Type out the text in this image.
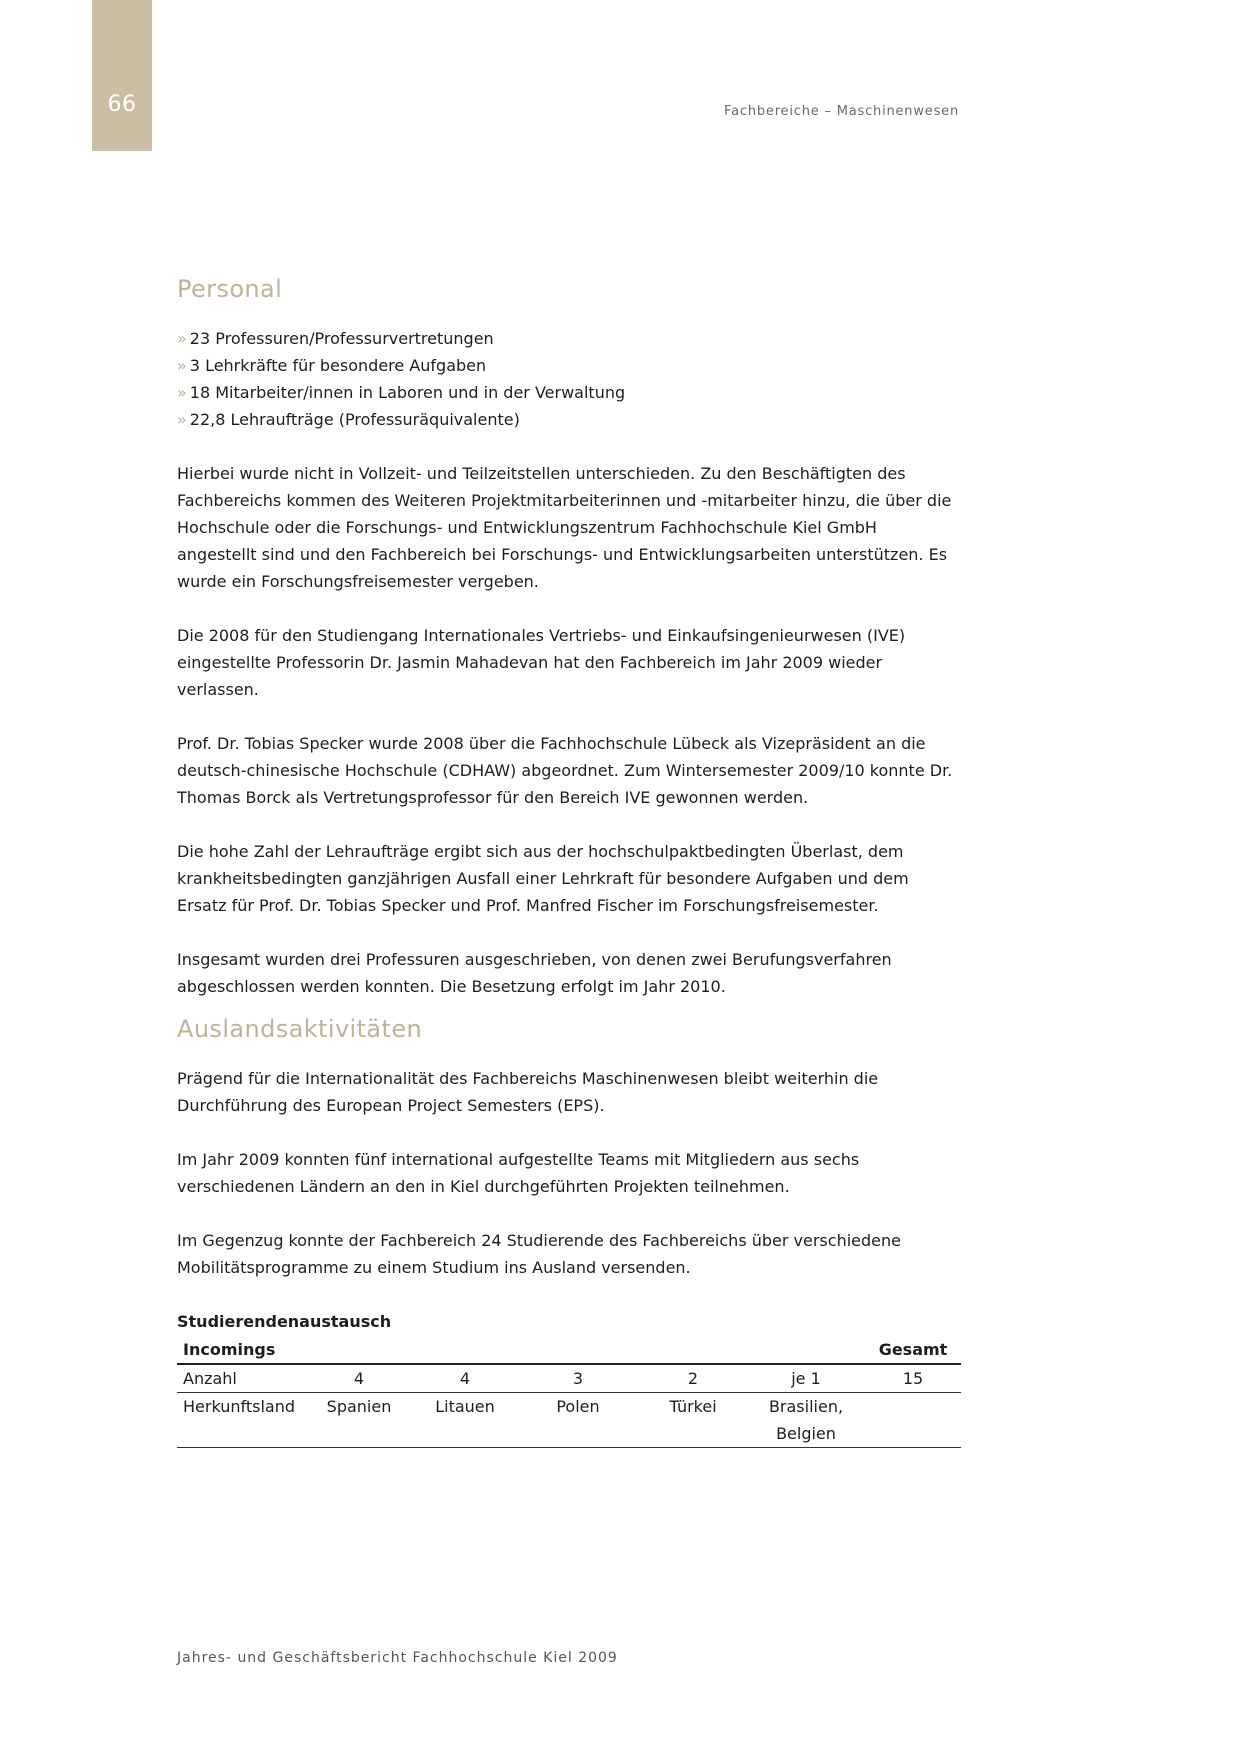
66	Fachbereiche – Maschinenwesen
Personal
» 23 Professuren/Professurvertretungen
» 3 Lehrkräfte für besondere Aufgaben
» 18 Mitarbeiter/innen in Laboren und in der Verwaltung
» 22,8 Lehraufträge (Professuräquivalente)

Hierbei wurde nicht in Vollzeit- und Teilzeitstellen unterschieden. Zu den Beschäftigten des Fachbereichs kommen des Weiteren Projektmitarbeiterinnen und -mitarbeiter hinzu, die über die Hochschule oder die Forschungs- und Entwicklungszentrum Fachhochschule Kiel GmbH angestellt sind und den Fachbereich bei Forschungs- und Entwicklungsarbeiten unterstützen. Es wurde ein Forschungsfreisemester vergeben.

Die 2008 für den Studiengang Internationales Vertriebs- und Einkaufsingenieurwesen (IVE) eingestellte Professorin Dr. Jasmin Mahadevan hat den Fachbereich im Jahr 2009 wieder verlassen.

Prof. Dr. Tobias Specker wurde 2008 über die Fachhochschule Lübeck als Vizepräsident an die deutsch-chinesische Hochschule (CDHAW) abgeordnet. Zum Wintersemester 2009/10 konnte Dr. Thomas Borck als Vertretungsprofessor für den Bereich IVE gewonnen werden.

Die hohe Zahl der Lehraufträge ergibt sich aus der hochschulpaktbedingten Überlast, dem krankheitsbedingten ganzjährigen Ausfall einer Lehrkraft für besondere Aufgaben und dem Ersatz für Prof. Dr. Tobias Specker und Prof. Manfred Fischer im Forschungsfreisemester.

Insgesamt wurden drei Professuren ausgeschrieben, von denen zwei Berufungsverfahren abgeschlossen werden konnten. Die Besetzung erfolgt im Jahr 2010.

Auslandsaktivitäten

Prägend für die Internationalität des Fachbereichs Maschinenwesen bleibt weiterhin die Durchführung des European Project Semesters (EPS).

Im Jahr 2009 konnten fünf international aufgestellte Teams mit Mitgliedern aus sechs verschiedenen Ländern an den in Kiel durchgeführten Projekten teilnehmen.

Im Gegenzug konnte der Fachbereich 24 Studierende des Fachbereichs über verschiedene Mobilitätsprogramme zu einem Studium ins Ausland versenden.

Studierendenaustausch
Incomings						Gesamt
Anzahl	4	4	3	2	je 1	15
Herkunftsland	Spanien	Litauen	Polen	Türkei	Brasilien, Belgien	
Jahres- und Geschäftsbericht Fachhochschule Kiel 2009
